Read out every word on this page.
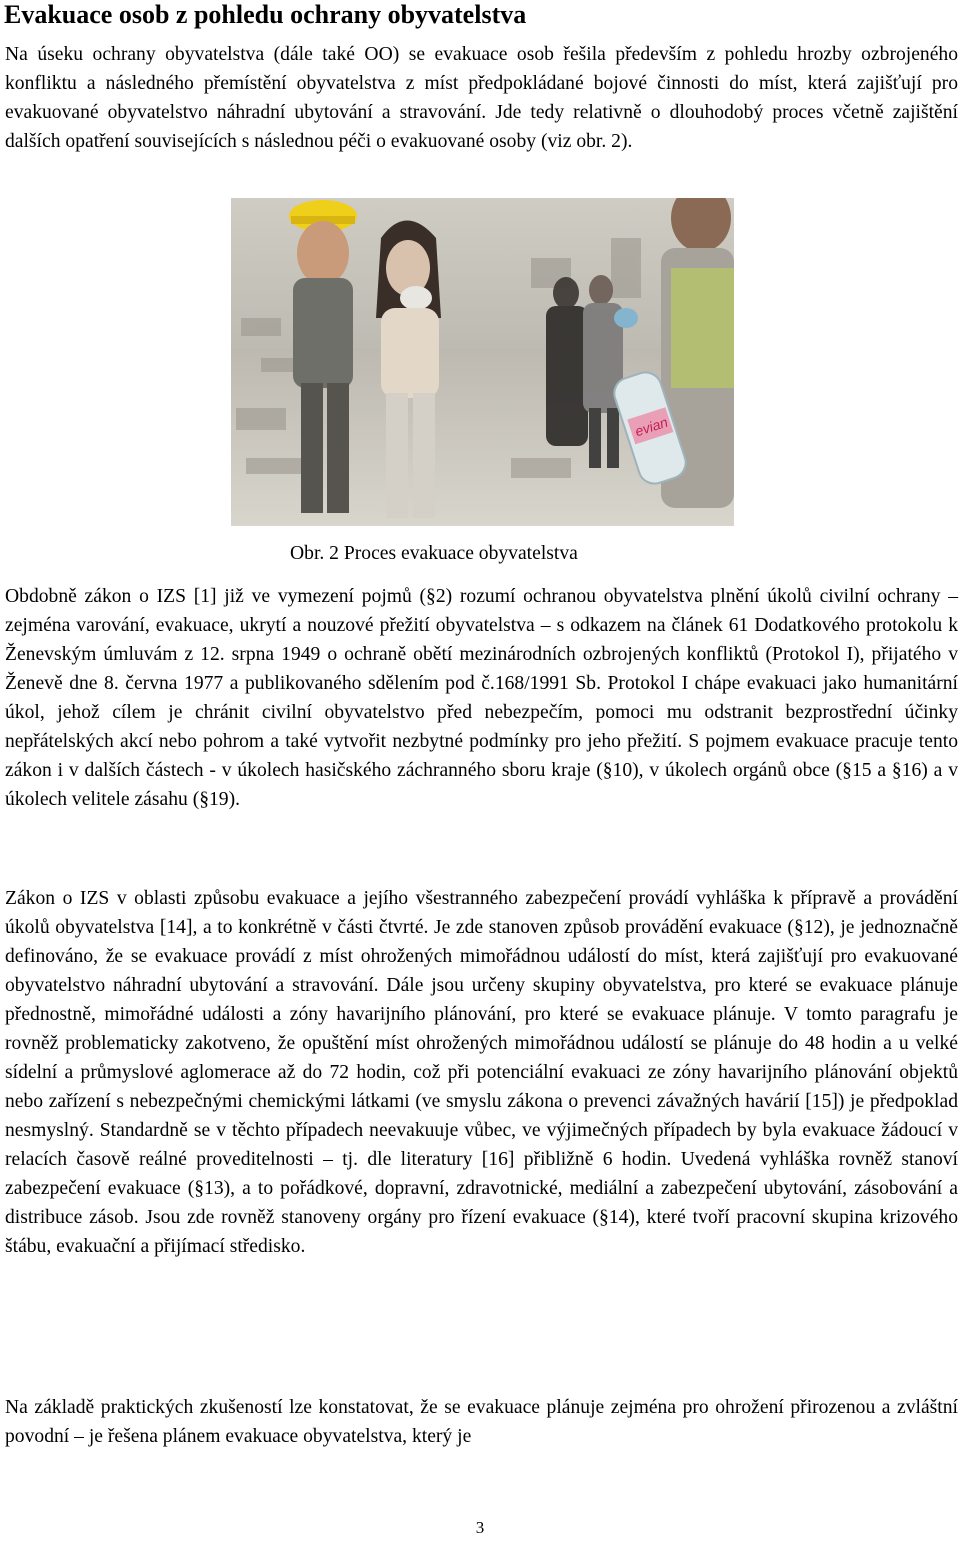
Evakuace osob z pohledu ochrany obyvatelstva

Na úseku ochrany obyvatelstva (dále také OO) se evakuace osob řešila především z pohledu hrozby ozbrojeného konfliktu a následného přemístění obyvatelstva z míst předpokládané bojové činnosti do míst, která zajišťují pro evakuované obyvatelstvo náhradní ubytování a stravování. Jde tedy relativně o dlouhodobý proces včetně zajištění dalších opatření souvisejících s následnou péči o evakuované osoby (viz obr. 2).

evian
Obr. 2 Proces evakuace obyvatelstva

Obdobně zákon o IZS [1] již ve vymezení pojmů (§2) rozumí ochranou obyvatelstva plnění úkolů civilní ochrany – zejména varování, evakuace, ukrytí a nouzové přežití obyvatelstva – s odkazem na článek 61 Dodatkového protokolu k Ženevským úmluvám z 12. srpna 1949 o ochraně obětí mezinárodních ozbrojených konfliktů (Protokol I), přijatého v Ženevě dne 8. června 1977 a publikovaného sdělením pod č.168/1991 Sb. Protokol I chápe evakuaci jako humanitární úkol, jehož cílem je chránit civilní obyvatelstvo před nebezpečím, pomoci mu odstranit bezprostřední účinky nepřátelských akcí nebo pohrom a také vytvořit nezbytné podmínky pro jeho přežití. S pojmem evakuace pracuje tento zákon i v dalších částech - v úkolech hasičského záchranného sboru kraje (§10), v úkolech orgánů obce (§15 a §16) a v úkolech velitele zásahu (§19).

Zákon o IZS v oblasti způsobu evakuace a jejího všestranného zabezpečení provádí vyhláška k přípravě a provádění úkolů obyvatelstva [14], a to konkrétně v části čtvrté. Je zde stanoven způsob provádění evakuace (§12), je jednoznačně definováno, že se evakuace provádí z míst ohrožených mimořádnou událostí do míst, která zajišťují pro evakuované obyvatelstvo náhradní ubytování a stravování. Dále jsou určeny skupiny obyvatelstva, pro které se evakuace plánuje přednostně, mimořádné události a zóny havarijního plánování, pro které se evakuace plánuje. V tomto paragrafu je rovněž problematicky zakotveno, že opuštění míst ohrožených mimořádnou událostí se plánuje do 48 hodin a u velké sídelní a průmyslové aglomerace až do 72 hodin, což při potenciální evakuaci ze zóny havarijního plánování objektů nebo zařízení s nebezpečnými chemickými látkami (ve smyslu zákona o prevenci závažných havárií [15]) je předpoklad nesmyslný. Standardně se v těchto případech neevakuuje vůbec, ve výjimečných případech by byla evakuace žádoucí v relacích časově reálné proveditelnosti – tj. dle literatury [16] přibližně 6 hodin. Uvedená vyhláška rovněž stanoví zabezpečení evakuace (§13), a to pořádkové, dopravní, zdravotnické, mediální a zabezpečení ubytování, zásobování a distribuce zásob. Jsou zde rovněž stanoveny orgány pro řízení evakuace (§14), které tvoří pracovní skupina krizového štábu, evakuační a přijímací středisko.

Na základě praktických zkušeností lze konstatovat, že se evakuace plánuje zejména pro ohrožení přirozenou a zvláštní povodní – je řešena plánem evakuace obyvatelstva, který je

3
